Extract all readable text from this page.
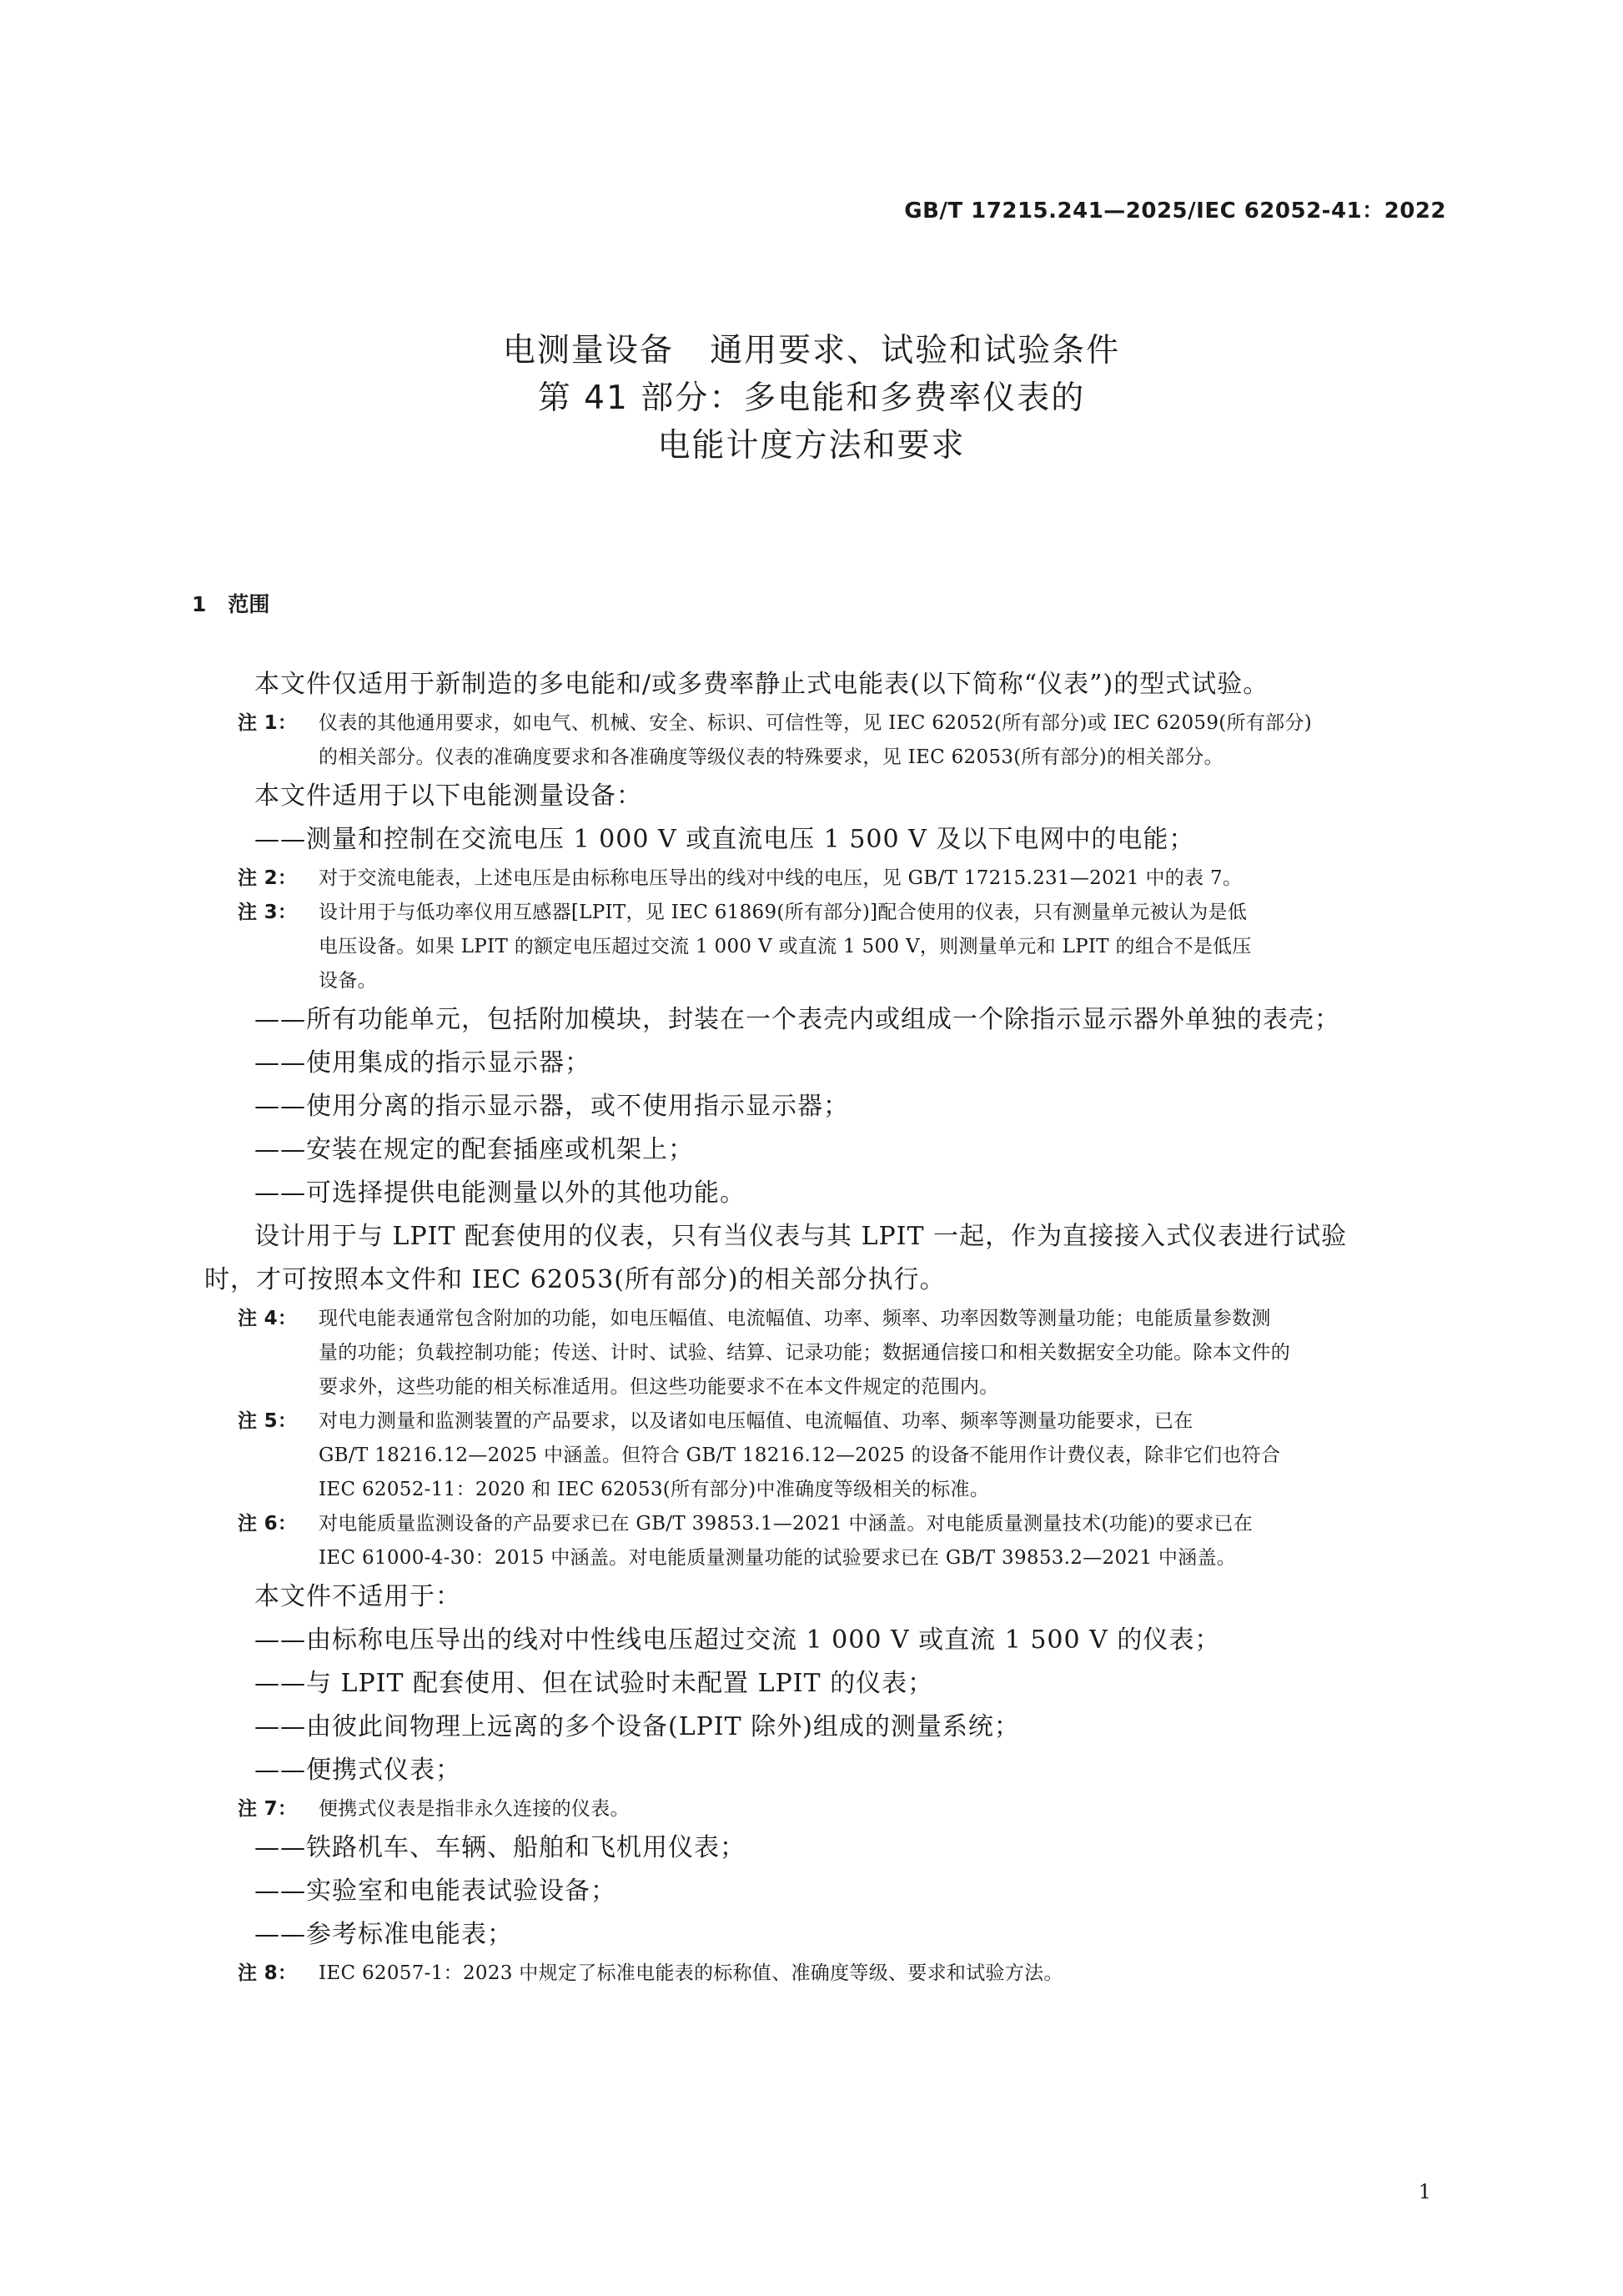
GB/T 17215.241—2025/IEC 62052-41：2022
电测量设备   通用要求、试验和试验条件
第 41 部分：多电能和多费率仪表的
电能计度方法和要求
1 范围
本文件仅适用于新制造的多电能和/或多费率静止式电能表(以下简称“仪表”)的型式试验。
注 1： 仪表的其他通用要求，如电气、机械、安全、标识、可信性等，见 IEC 62052(所有部分)或 IEC 62059(所有部分)
的相关部分。仪表的准确度要求和各准确度等级仪表的特殊要求，见 IEC 62053(所有部分)的相关部分。
本文件适用于以下电能测量设备：
——测量和控制在交流电压 1 000 V 或直流电压 1 500 V 及以下电网中的电能；
注 2： 对于交流电能表，上述电压是由标称电压导出的线对中线的电压，见 GB/T 17215.231—2021 中的表 7。
注 3： 设计用于与低功率仪用互感器[LPIT，见 IEC 61869(所有部分)]配合使用的仪表，只有测量单元被认为是低
电压设备。如果 LPIT 的额定电压超过交流 1 000 V 或直流 1 500 V，则测量单元和 LPIT 的组合不是低压
设备。
——所有功能单元，包括附加模块，封装在一个表壳内或组成一个除指示显示器外单独的表壳；
——使用集成的指示显示器；
——使用分离的指示显示器，或不使用指示显示器；
——安装在规定的配套插座或机架上；
——可选择提供电能测量以外的其他功能。
设计用于与 LPIT 配套使用的仪表，只有当仪表与其 LPIT 一起，作为直接接入式仪表进行试验
时，才可按照本文件和 IEC 62053(所有部分)的相关部分执行。
注 4： 现代电能表通常包含附加的功能，如电压幅值、电流幅值、功率、频率、功率因数等测量功能；电能质量参数测
量的功能；负载控制功能；传送、计时、试验、结算、记录功能；数据通信接口和相关数据安全功能。除本文件的
要求外，这些功能的相关标准适用。但这些功能要求不在本文件规定的范围内。
注 5： 对电力测量和监测装置的产品要求，以及诸如电压幅值、电流幅值、功率、频率等测量功能要求，已在
GB/T 18216.12—2025 中涵盖。但符合 GB/T 18216.12—2025 的设备不能用作计费仪表，除非它们也符合
IEC 62052-11：2020 和 IEC 62053(所有部分)中准确度等级相关的标准。
注 6： 对电能质量监测设备的产品要求已在 GB/T 39853.1—2021 中涵盖。对电能质量测量技术(功能)的要求已在
IEC 61000-4-30：2015 中涵盖。对电能质量测量功能的试验要求已在 GB/T 39853.2—2021 中涵盖。
本文件不适用于：
——由标称电压导出的线对中性线电压超过交流 1 000 V 或直流 1 500 V 的仪表；
——与 LPIT 配套使用、但在试验时未配置 LPIT 的仪表；
——由彼此间物理上远离的多个设备(LPIT 除外)组成的测量系统；
——便携式仪表；
注 7： 便携式仪表是指非永久连接的仪表。
——铁路机车、车辆、船舶和飞机用仪表；
——实验室和电能表试验设备；
——参考标准电能表；
注 8： IEC 62057-1：2023 中规定了标准电能表的标称值、准确度等级、要求和试验方法。
1
